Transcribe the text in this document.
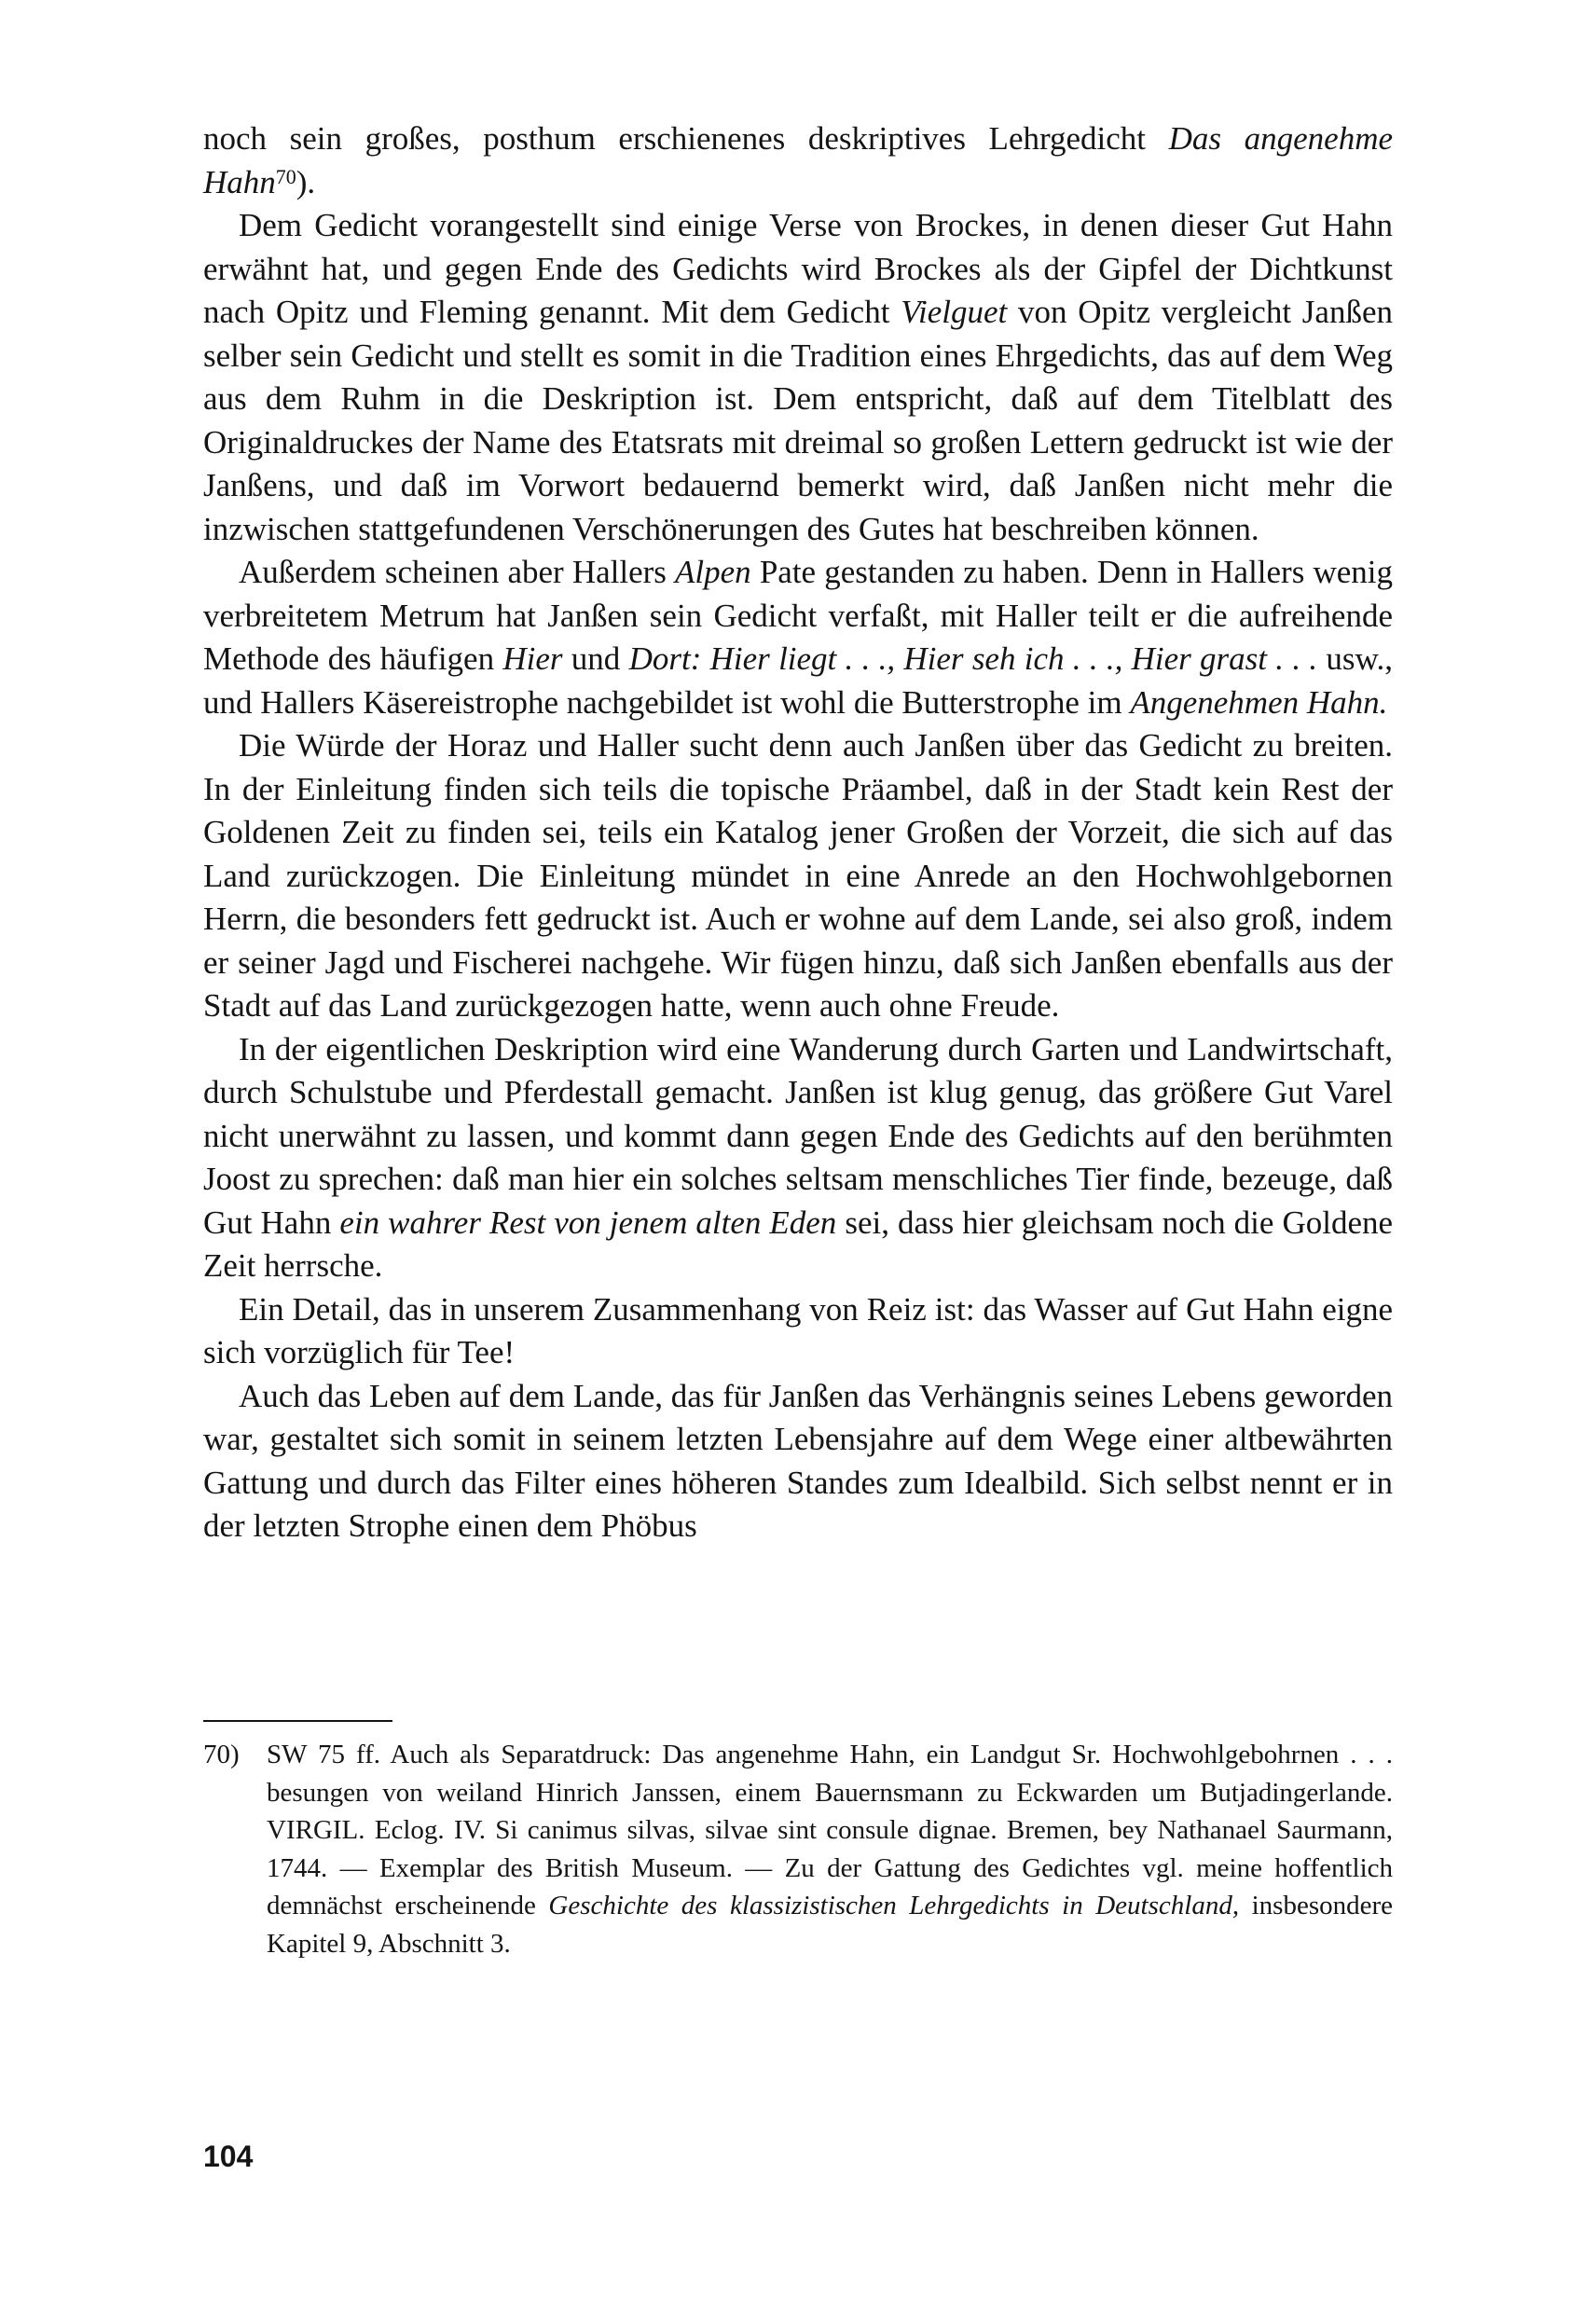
noch sein großes, posthum erschienenes deskriptives Lehrgedicht Das angenehme Hahn$^{70}$).

Dem Gedicht vorangestellt sind einige Verse von Brockes, in denen dieser Gut Hahn erwähnt hat, und gegen Ende des Gedichts wird Brockes als der Gipfel der Dichtkunst nach Opitz und Fleming genannt. Mit dem Gedicht Vielguet von Opitz vergleicht Janßen selber sein Gedicht und stellt es somit in die Tradition eines Ehrgedichts, das auf dem Weg aus dem Ruhm in die Deskription ist. Dem entspricht, daß auf dem Titelblatt des Originaldruckes der Name des Etatsrats mit dreimal so großen Lettern gedruckt ist wie der Janßens, und daß im Vorwort bedauernd bemerkt wird, daß Janßen nicht mehr die inzwischen stattgefundenen Verschönerungen des Gutes hat beschreiben können.

Außerdem scheinen aber Hallers Alpen Pate gestanden zu haben. Denn in Hallers wenig verbreitetem Metrum hat Janßen sein Gedicht verfaßt, mit Haller teilt er die aufreihende Methode des häufigen Hier und Dort: Hier liegt . . ., Hier seh ich . . ., Hier grast . . . usw., und Hallers Käsereistrophe nachgebildet ist wohl die Butterstrophe im Angenehmen Hahn.

Die Würde der Horaz und Haller sucht denn auch Janßen über das Gedicht zu breiten. In der Einleitung finden sich teils die topische Präambel, daß in der Stadt kein Rest der Goldenen Zeit zu finden sei, teils ein Katalog jener Großen der Vorzeit, die sich auf das Land zurückzogen. Die Einleitung mündet in eine Anrede an den Hochwohlgebornen Herrn, die besonders fett gedruckt ist. Auch er wohne auf dem Lande, sei also groß, indem er seiner Jagd und Fischerei nachgehe. Wir fügen hinzu, daß sich Janßen ebenfalls aus der Stadt auf das Land zurückgezogen hatte, wenn auch ohne Freude.

In der eigentlichen Deskription wird eine Wanderung durch Garten und Landwirtschaft, durch Schulstube und Pferdestall gemacht. Janßen ist klug genug, das größere Gut Varel nicht unerwähnt zu lassen, und kommt dann gegen Ende des Gedichts auf den berühmten Joost zu sprechen: daß man hier ein solches seltsam menschliches Tier finde, bezeuge, daß Gut Hahn ein wahrer Rest von jenem alten Eden sei, dass hier gleichsam noch die Goldene Zeit herrsche.

Ein Detail, das in unserem Zusammenhang von Reiz ist: das Wasser auf Gut Hahn eigne sich vorzüglich für Tee!

Auch das Leben auf dem Lande, das für Janßen das Verhängnis seines Lebens geworden war, gestaltet sich somit in seinem letzten Lebensjahre auf dem Wege einer altbewährten Gattung und durch das Filter eines höheren Standes zum Idealbild. Sich selbst nennt er in der letzten Strophe einen dem Phöbus

70) SW 75 ff. Auch als Separatdruck: Das angenehme Hahn, ein Landgut Sr. Hochwohlgebohrnen . . . besungen von weiland Hinrich Janssen, einem Bauernsmann zu Eckwarden um Butjadingerlande. VIRGIL. Eclog. IV. Si canimus silvas, silvae sint consule dignae. Bremen, bey Nathanael Saurmann, 1744. — Exemplar des British Museum. — Zu der Gattung des Gedichtes vgl. meine hoffentlich demnächst erscheinende Geschichte des klassizistischen Lehrgedichts in Deutschland, insbesondere Kapitel 9, Abschnitt 3.
104
